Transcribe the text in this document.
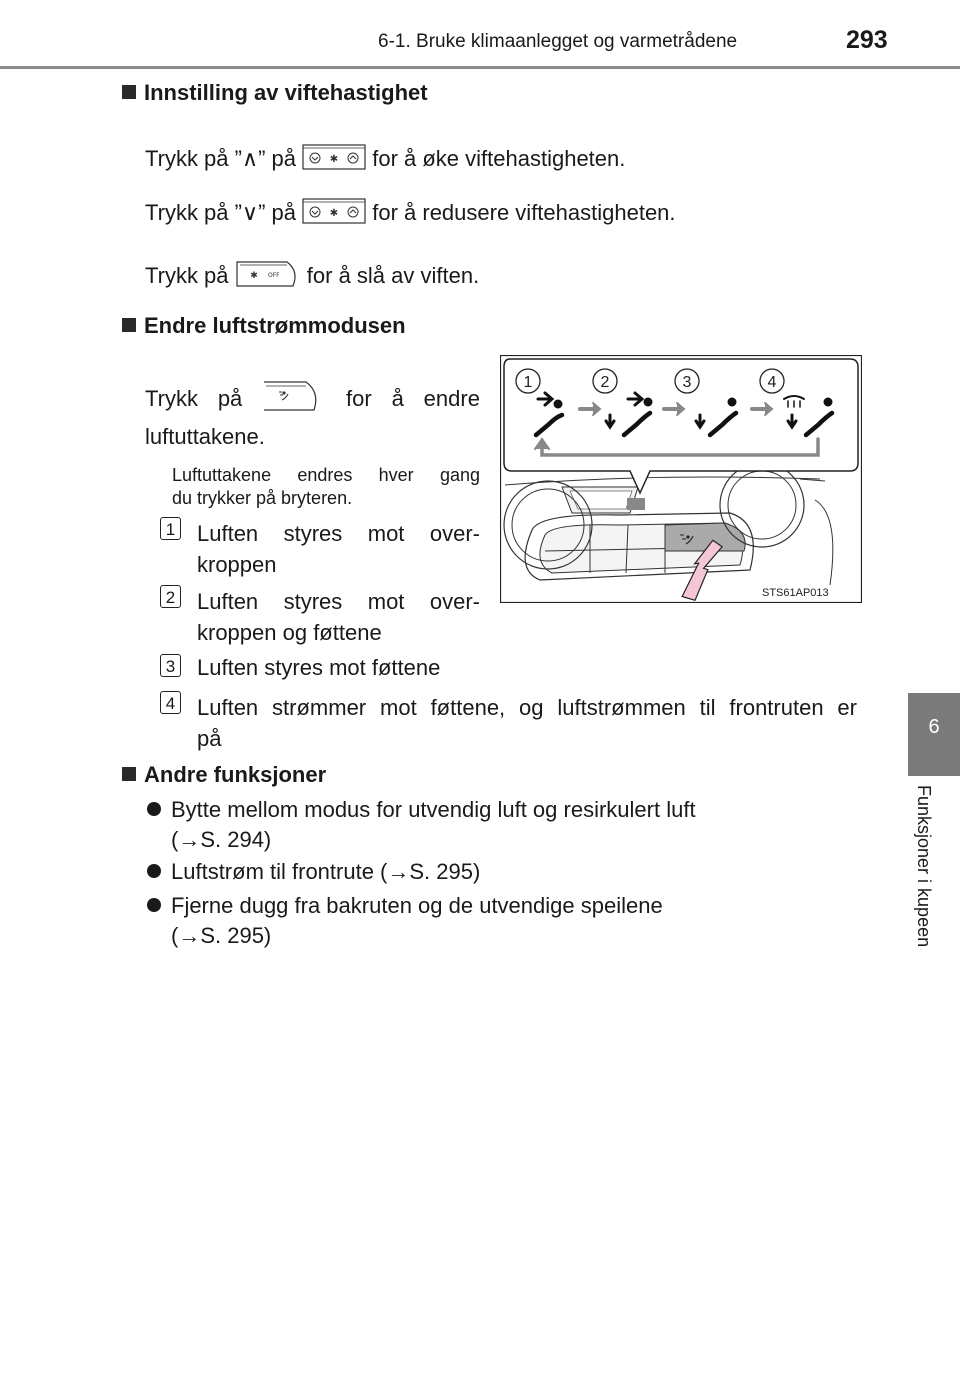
6-1. Bruke klimaanlegget og varmetrådene	293
6
Funksjoner i kupeen
Innstilling av viftehastighet
Trykk på ”∧” på	✱ for å øke viftehastigheten.
Trykk på ”∨” på	✱ for å redusere viftehastigheten.
Trykk på ✱ OFF for å slå av viften.
Endre luftstrømmodusen
Trykk på	for å endre
luftuttakene.
Luftuttakene endres hver gang
du trykker på bryteren.
1 Luften styres mot over-
kroppen
2 Luften styres mot over-
kroppen og føttene
3 Luften styres mot føttene
4 Luften strømmer mot føttene, og luftstrømmen til frontruten er
på
1	2	3	4
STS61AP013
Andre funksjoner
Bytte mellom modus for utvendig luft og resirkulert luft
(→S. 294)
Luftstrøm til frontrute (→S. 295)
Fjerne dugg fra bakruten og de utvendige speilene
(→S. 295)
